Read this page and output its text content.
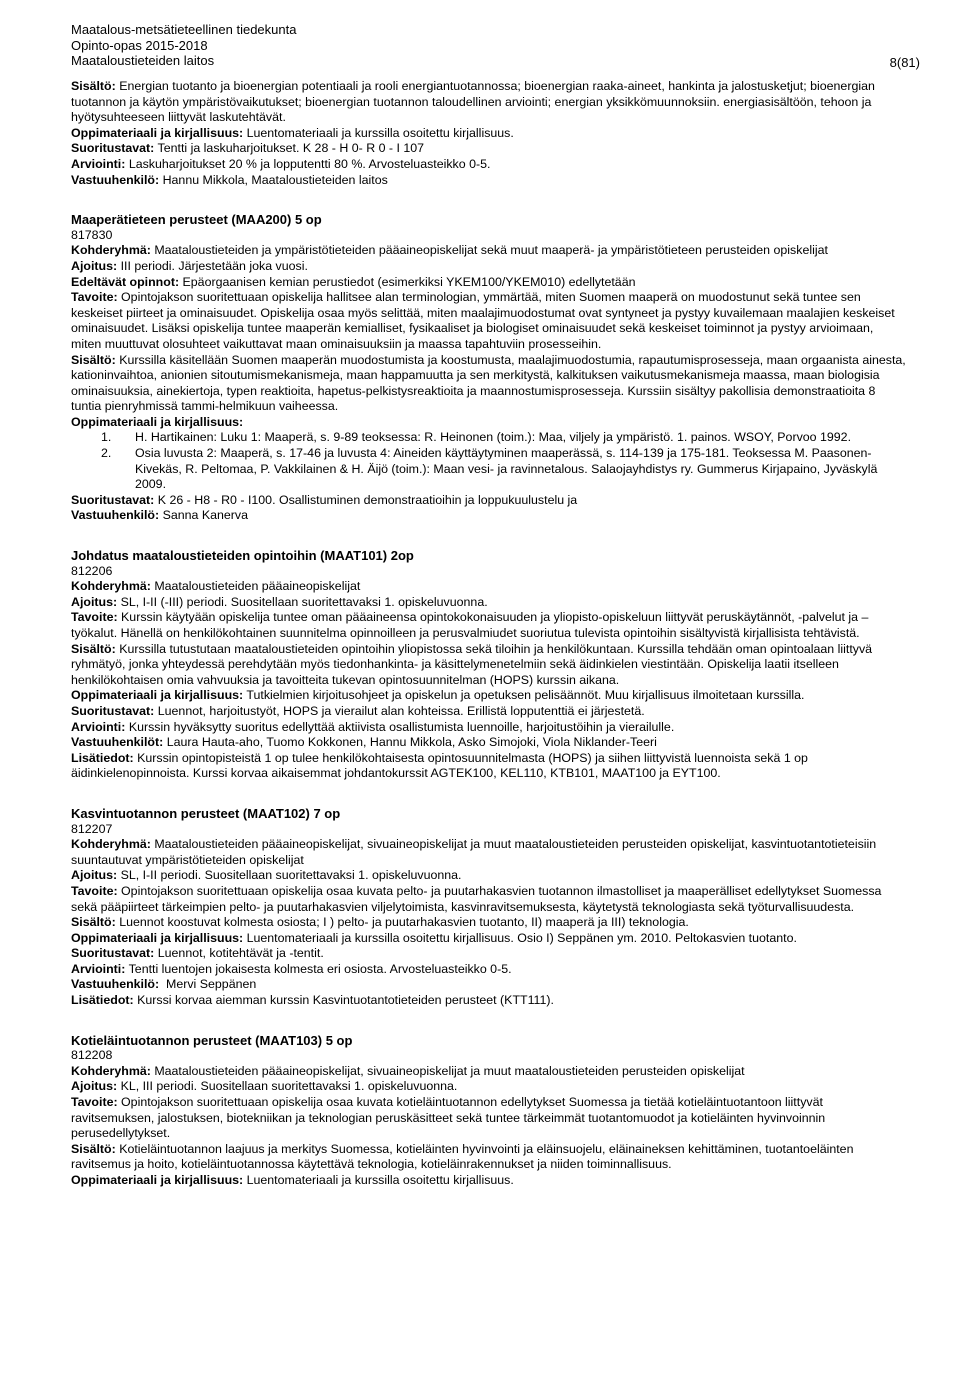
Maatalous-metsätieteellinen tiedekunta
Opinto-opas 2015-2018
Maataloustieteiden laitos	8(81)

Sisältö: Energian tuotanto ja bioenergian potentiaali ja rooli energiantuotannossa; bioenergian raaka-aineet, hankinta ja jalostusketjut; bioenergian tuotannon ja käytön ympäristövaikutukset; bioenergian tuotannon taloudellinen arviointi; energian yksikkömuunnoksiin. energiasisältöön, tehoon ja hyötysuhteeseen liittyvät laskutehtävät.

Oppimateriaali ja kirjallisuus: Luentomateriaali ja kurssilla osoitettu kirjallisuus.

Suoritustavat: Tentti ja laskuharjoitukset. K 28 - H 0- R 0 - I 107

Arviointi: Laskuharjoitukset 20 % ja lopputentti 80 %. Arvosteluasteikko 0-5.

Vastuuhenkilö: Hannu Mikkola, Maataloustieteiden laitos

Maaperätieteen perusteet (MAA200) 5 op

817830

Kohderyhmä: Maataloustieteiden ja ympäristötieteiden pääaineopiskelijat sekä muut maaperä- ja ympäristötieteen perusteiden opiskelijat

Ajoitus: III periodi. Järjestetään joka vuosi.

Edeltävät opinnot: Epäorgaanisen kemian perustiedot (esimerkiksi YKEM100/YKEM010) edellytetään

Tavoite: Opintojakson suoritettuaan opiskelija hallitsee alan terminologian, ymmärtää, miten Suomen maaperä on muodostunut sekä tuntee sen keskeiset piirteet ja ominaisuudet. Opiskelija osaa myös selittää, miten maalajimuodostumat ovat syntyneet ja pystyy kuvailemaan maalajien keskeiset ominaisuudet. Lisäksi opiskelija tuntee maaperän kemialliset, fysikaaliset ja biologiset ominaisuudet sekä keskeiset toiminnot ja pystyy arvioimaan, miten muuttuvat olosuhteet vaikuttavat maan ominaisuuksiin ja maassa tapahtuviin prosesseihin.

Sisältö: Kurssilla käsitellään Suomen maaperän muodostumista ja koostumusta, maalajimuodostumia, rapautumisprosesseja, maan orgaanista ainesta, kationinvaihtoa, anionien sitoutumismekanismeja, maan happamuutta ja sen merkitystä, kalkituksen vaikutusmekanismeja maassa, maan biologisia ominaisuuksia, ainekiertoja, typen reaktioita, hapetus-pelkistysreaktioita ja maannostumisprosesseja. Kurssiin sisältyy pakollisia demonstraatioita 8 tuntia pienryhmissä tammi-helmikuun vaiheessa.

Oppimateriaali ja kirjallisuus:

1.	H. Hartikainen: Luku 1: Maaperä, s. 9-89 teoksessa: R. Heinonen (toim.): Maa, viljely ja ympäristö. 1. painos. WSOY, Porvoo 1992.
2.	Osia luvusta 2: Maaperä, s. 17-46 ja luvusta 4: Aineiden käyttäytyminen maaperässä, s. 114-139 ja 175-181. Teoksessa M. Paasonen-Kivekäs, R. Peltomaa, P. Vakkilainen & H. Äijö (toim.): Maan vesi- ja ravinnetalous. Salaojayhdistys ry. Gummerus Kirjapaino, Jyväskylä 2009.

Suoritustavat: K 26 - H8 - R0 - I100. Osallistuminen demonstraatioihin ja loppukuulustelu ja

Vastuuhenkilö: Sanna Kanerva

Johdatus maataloustieteiden opintoihin (MAAT101) 2op

812206

Kohderyhmä: Maataloustieteiden pääaineopiskelijat

Ajoitus: SL, I-II (-III) periodi. Suositellaan suoritettavaksi 1. opiskeluvuonna.

Tavoite: Kurssin käytyään opiskelija tuntee oman pääaineensa opintokokonaisuuden ja yliopisto-opiskeluun liittyvät peruskäytännöt, -palvelut ja –työkalut. Hänellä on henkilökohtainen suunnitelma opinnoilleen ja perusvalmiudet suoriutua tulevista opintoihin sisältyvistä kirjallisista tehtävistä.

Sisältö: Kurssilla tutustutaan maataloustieteiden opintoihin yliopistossa sekä tiloihin ja henkilökuntaan. Kurssilla tehdään oman opintoalaan liittyvä ryhmätyö, jonka yhteydessä perehdytään myös tiedonhankinta- ja käsittelymenetelmiin sekä äidinkielen viestintään. Opiskelija laatii itselleen henkilökohtaisen omia vahvuuksia ja tavoitteita tukevan opintosuunnitelman (HOPS) kurssin aikana.

Oppimateriaali ja kirjallisuus: Tutkielmien kirjoitusohjeet ja opiskelun ja opetuksen pelisäännöt. Muu kirjallisuus ilmoitetaan kurssilla.

Suoritustavat: Luennot, harjoitustyöt, HOPS ja vierailut alan kohteissa. Erillistä lopputenttiä ei järjestetä.

Arviointi: Kurssin hyväksytty suoritus edellyttää aktiivista osallistumista luennoille, harjoitustöihin ja vierailulle.

Vastuuhenkilöt: Laura Hauta-aho, Tuomo Kokkonen, Hannu Mikkola, Asko Simojoki, Viola Niklander-Teeri

Lisätiedot: Kurssin opintopisteistä 1 op tulee henkilökohtaisesta opintosuunnitelmasta (HOPS) ja siihen liittyvistä luennoista sekä 1 op äidinkielenopinnoista. Kurssi korvaa aikaisemmat johdantokurssit AGTEK100, KEL110, KTB101, MAAT100 ja EYT100.

Kasvintuotannon perusteet (MAAT102) 7 op

812207

Kohderyhmä: Maataloustieteiden pääaineopiskelijat, sivuaineopiskelijat ja muut maataloustieteiden perusteiden opiskelijat, kasvintuotantotieteisiin suuntautuvat ympäristötieteiden opiskelijat

Ajoitus: SL, I-II periodi. Suositellaan suoritettavaksi 1. opiskeluvuonna.

Tavoite: Opintojakson suoritettuaan opiskelija osaa kuvata pelto- ja puutarhakasvien tuotannon ilmastolliset ja maaperälliset edellytykset Suomessa sekä pääpiirteet tärkeimpien pelto- ja puutarhakasvien viljelytoimista, kasvinravitsemuksesta, käytetystä teknologiasta sekä työturvallisuudesta.

Sisältö: Luennot koostuvat kolmesta osiosta; I ) pelto- ja puutarhakasvien tuotanto, II) maaperä ja III) teknologia.

Oppimateriaali ja kirjallisuus: Luentomateriaali ja kurssilla osoitettu kirjallisuus. Osio I) Seppänen ym. 2010. Peltokasvien tuotanto.

Suoritustavat: Luennot, kotitehtävät ja -tentit.

Arviointi: Tentti luentojen jokaisesta kolmesta eri osiosta. Arvosteluasteikko 0-5.

Vastuuhenkilö:  Mervi Seppänen

Lisätiedot: Kurssi korvaa aiemman kurssin Kasvintuotantotieteiden perusteet (KTT111).

Kotieläintuotannon perusteet (MAAT103) 5 op

812208

Kohderyhmä: Maataloustieteiden pääaineopiskelijat, sivuaineopiskelijat ja muut maataloustieteiden perusteiden opiskelijat

Ajoitus: KL, III periodi. Suositellaan suoritettavaksi 1. opiskeluvuonna.

Tavoite: Opintojakson suoritettuaan opiskelija osaa kuvata kotieläintuotannon edellytykset Suomessa ja tietää kotieläintuotantoon liittyvät ravitsemuksen, jalostuksen, biotekniikan ja teknologian peruskäsitteet sekä tuntee tärkeimmät tuotantomuodot ja kotieläinten hyvinvoinnin perusedellytykset.

Sisältö: Kotieläintuotannon laajuus ja merkitys Suomessa, kotieläinten hyvinvointi ja eläinsuojelu, eläinaineksen kehittäminen, tuotantoeläinten ravitsemus ja hoito, kotieläintuotannossa käytettävä teknologia, kotieläinrakennukset ja niiden toiminnallisuus.

Oppimateriaali ja kirjallisuus: Luentomateriaali ja kurssilla osoitettu kirjallisuus.
